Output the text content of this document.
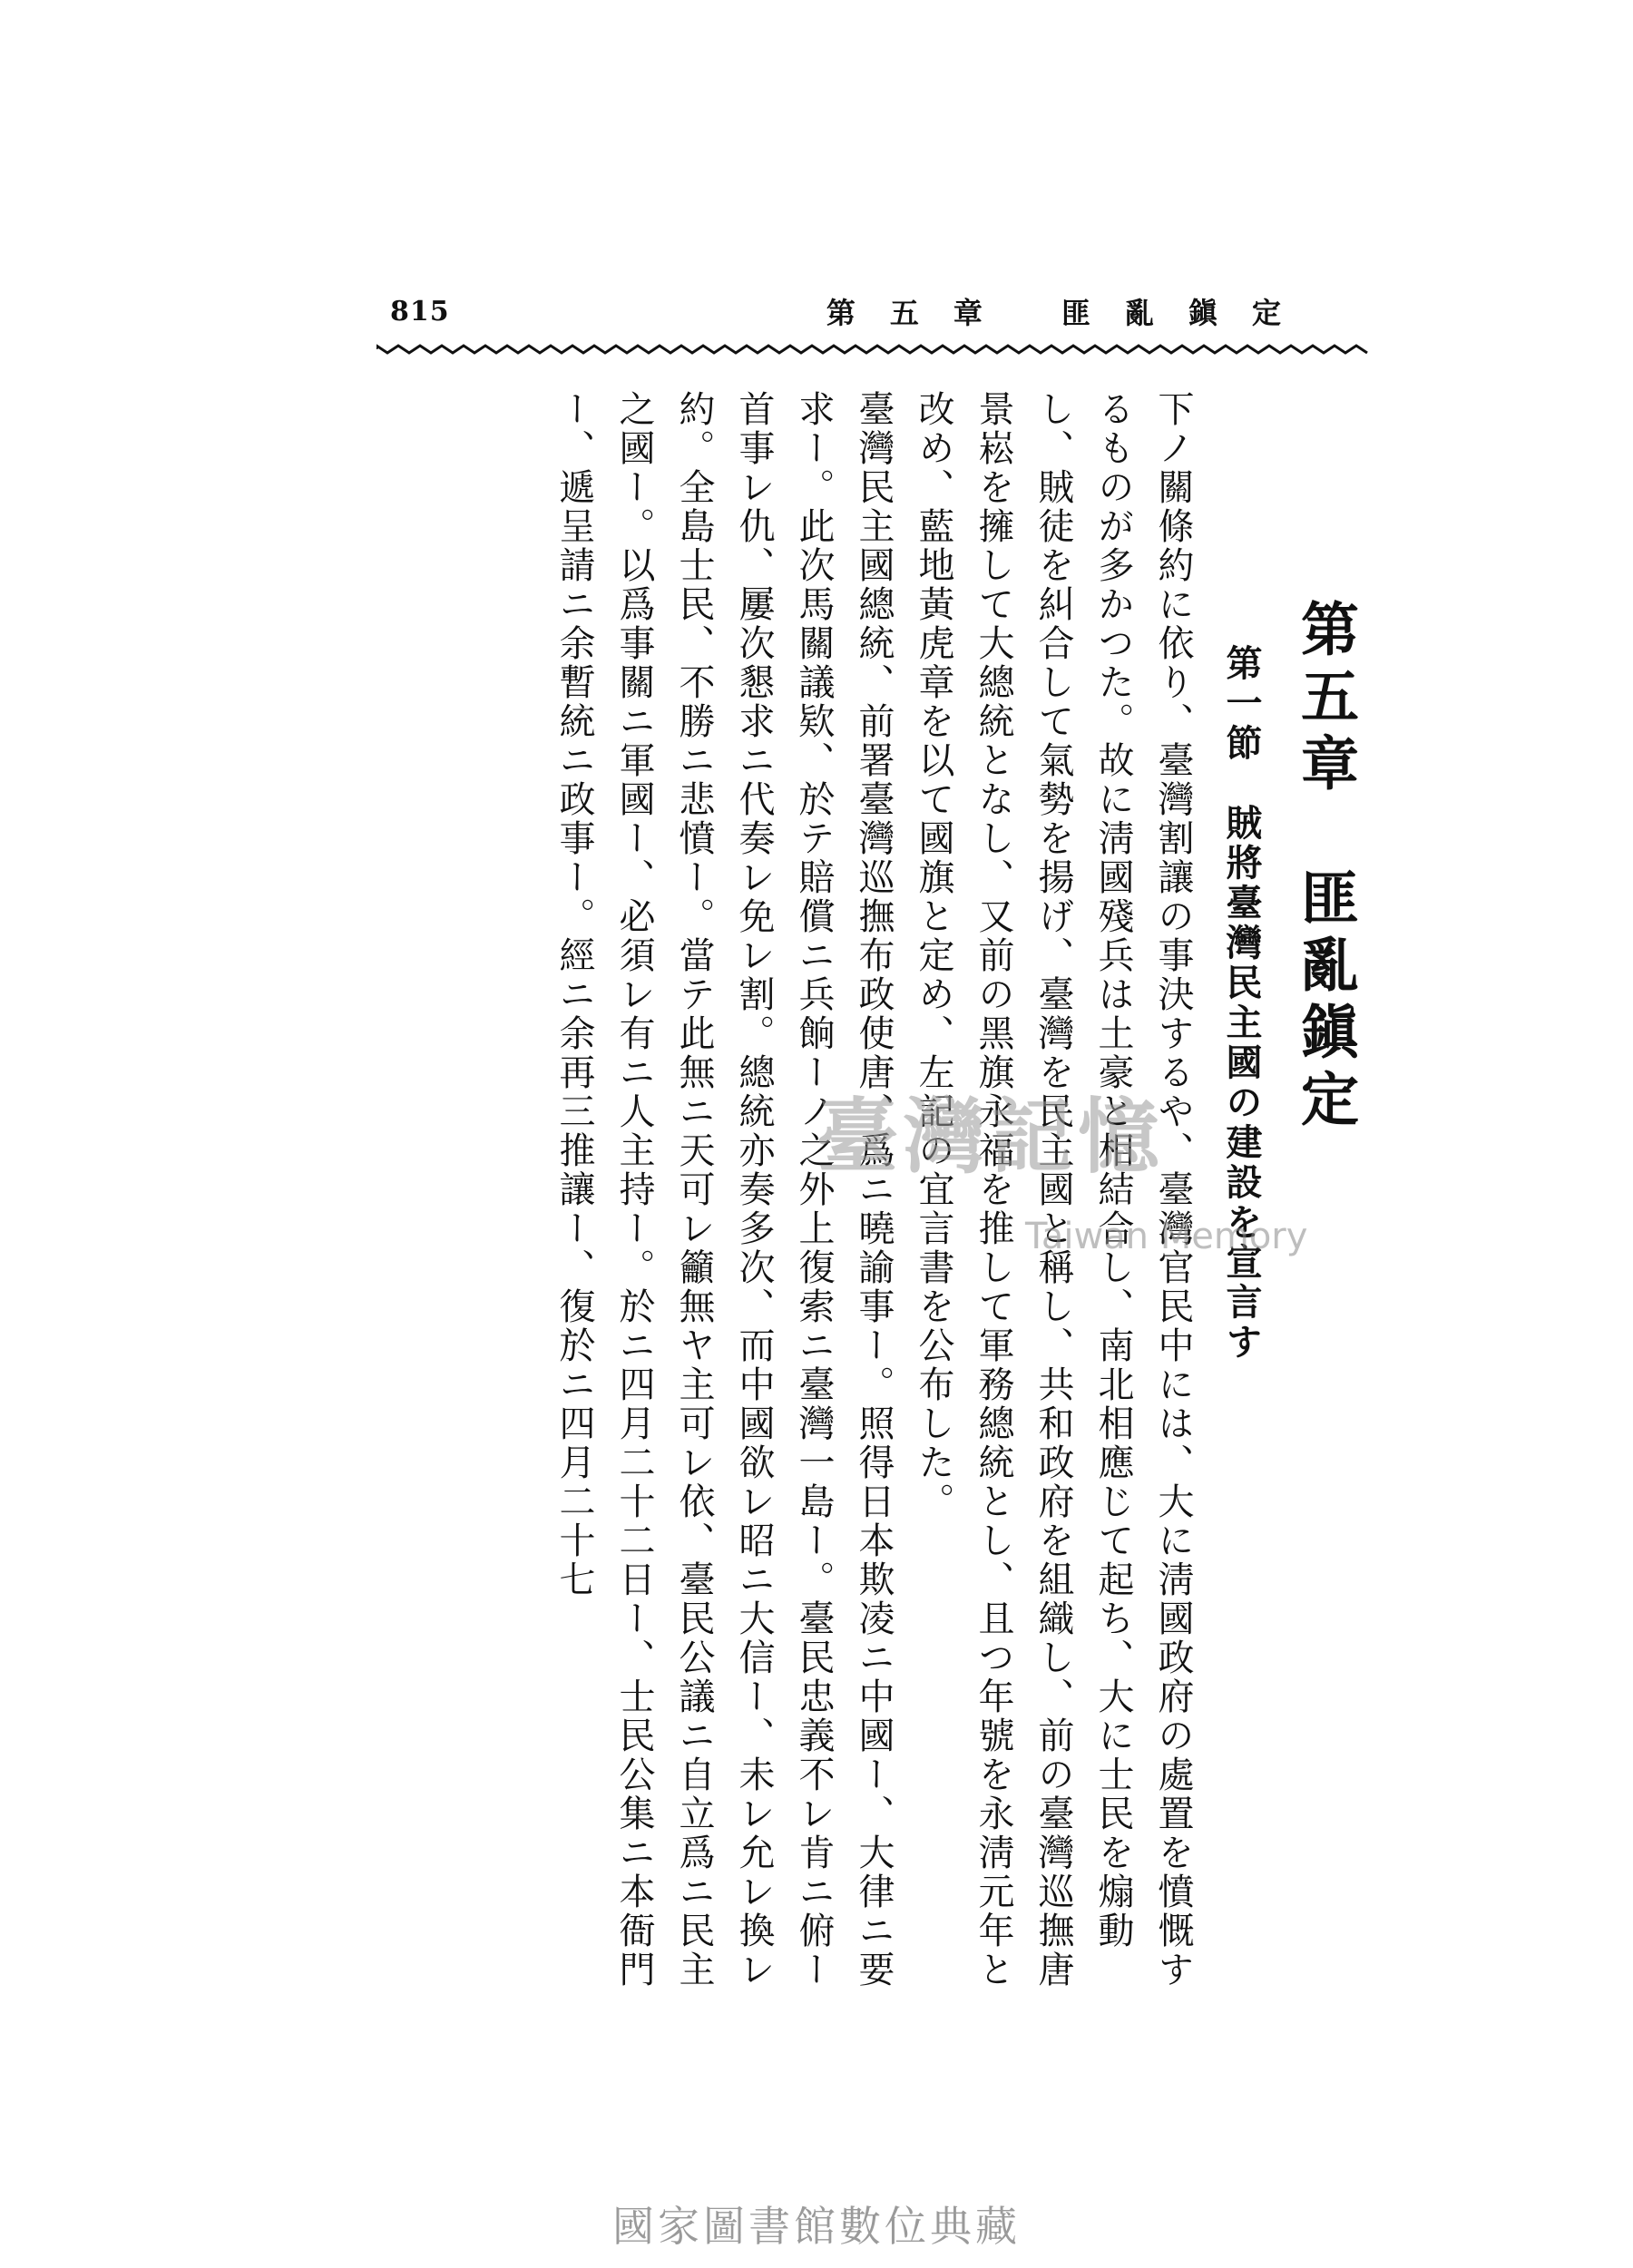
815	第五章 匪亂鎭定
第五章　匪亂鎭定
第一節　賊將臺灣民主國の建設を宣言す

下ノ關條約に依り、臺灣割讓の事決するや、臺灣官民中には、大に淸國政府の處置を憤慨するものが多かつた。故に淸國殘兵は土豪と相結合し、南北相應じて起ち、大に士民を煽動し、賊徒を糾合して氣勢を揚げ、臺灣を民主國と稱し、共和政府を組織し、前の臺灣巡撫唐景崧を擁して大總統となし、又前の黑旗永福を推して軍務總統とし、且つ年號を永淸元年と改め、藍地黃虎章を以て國旗と定め、左記の宜言書を公布した。

臺灣民主國總統、前署臺灣巡撫布政使唐、爲ニ曉諭事ー。照得日本欺凌ニ中國ー、大律ニ要求ー。此次馬關議欵、於テ賠償ニ兵餉ーノ之外上復索ニ臺灣一島ー。臺民忠義不レ肯ニ俯ー首事レ仇、屢次懇求ニ代奏レ免レ割。總統亦奏多次、而中國欲レ昭ニ大信ー、未レ允レ換レ約。全島士民、不勝ニ悲憤ー。當テ此無ニ天可レ籲無ヤ主可レ依、臺民公議ニ自立爲ニ民主之國ー。以爲事關ニ軍國ー、必須レ有ニ人主持ー。於ニ四月二十二日ー、士民公集ニ本衙門ー、遞呈請ニ余暫統ニ政事ー。經ニ余再三推讓ー、復於ニ四月二十七	臺灣記憶
Taiwan Memory
國家圖書館數位典藏
